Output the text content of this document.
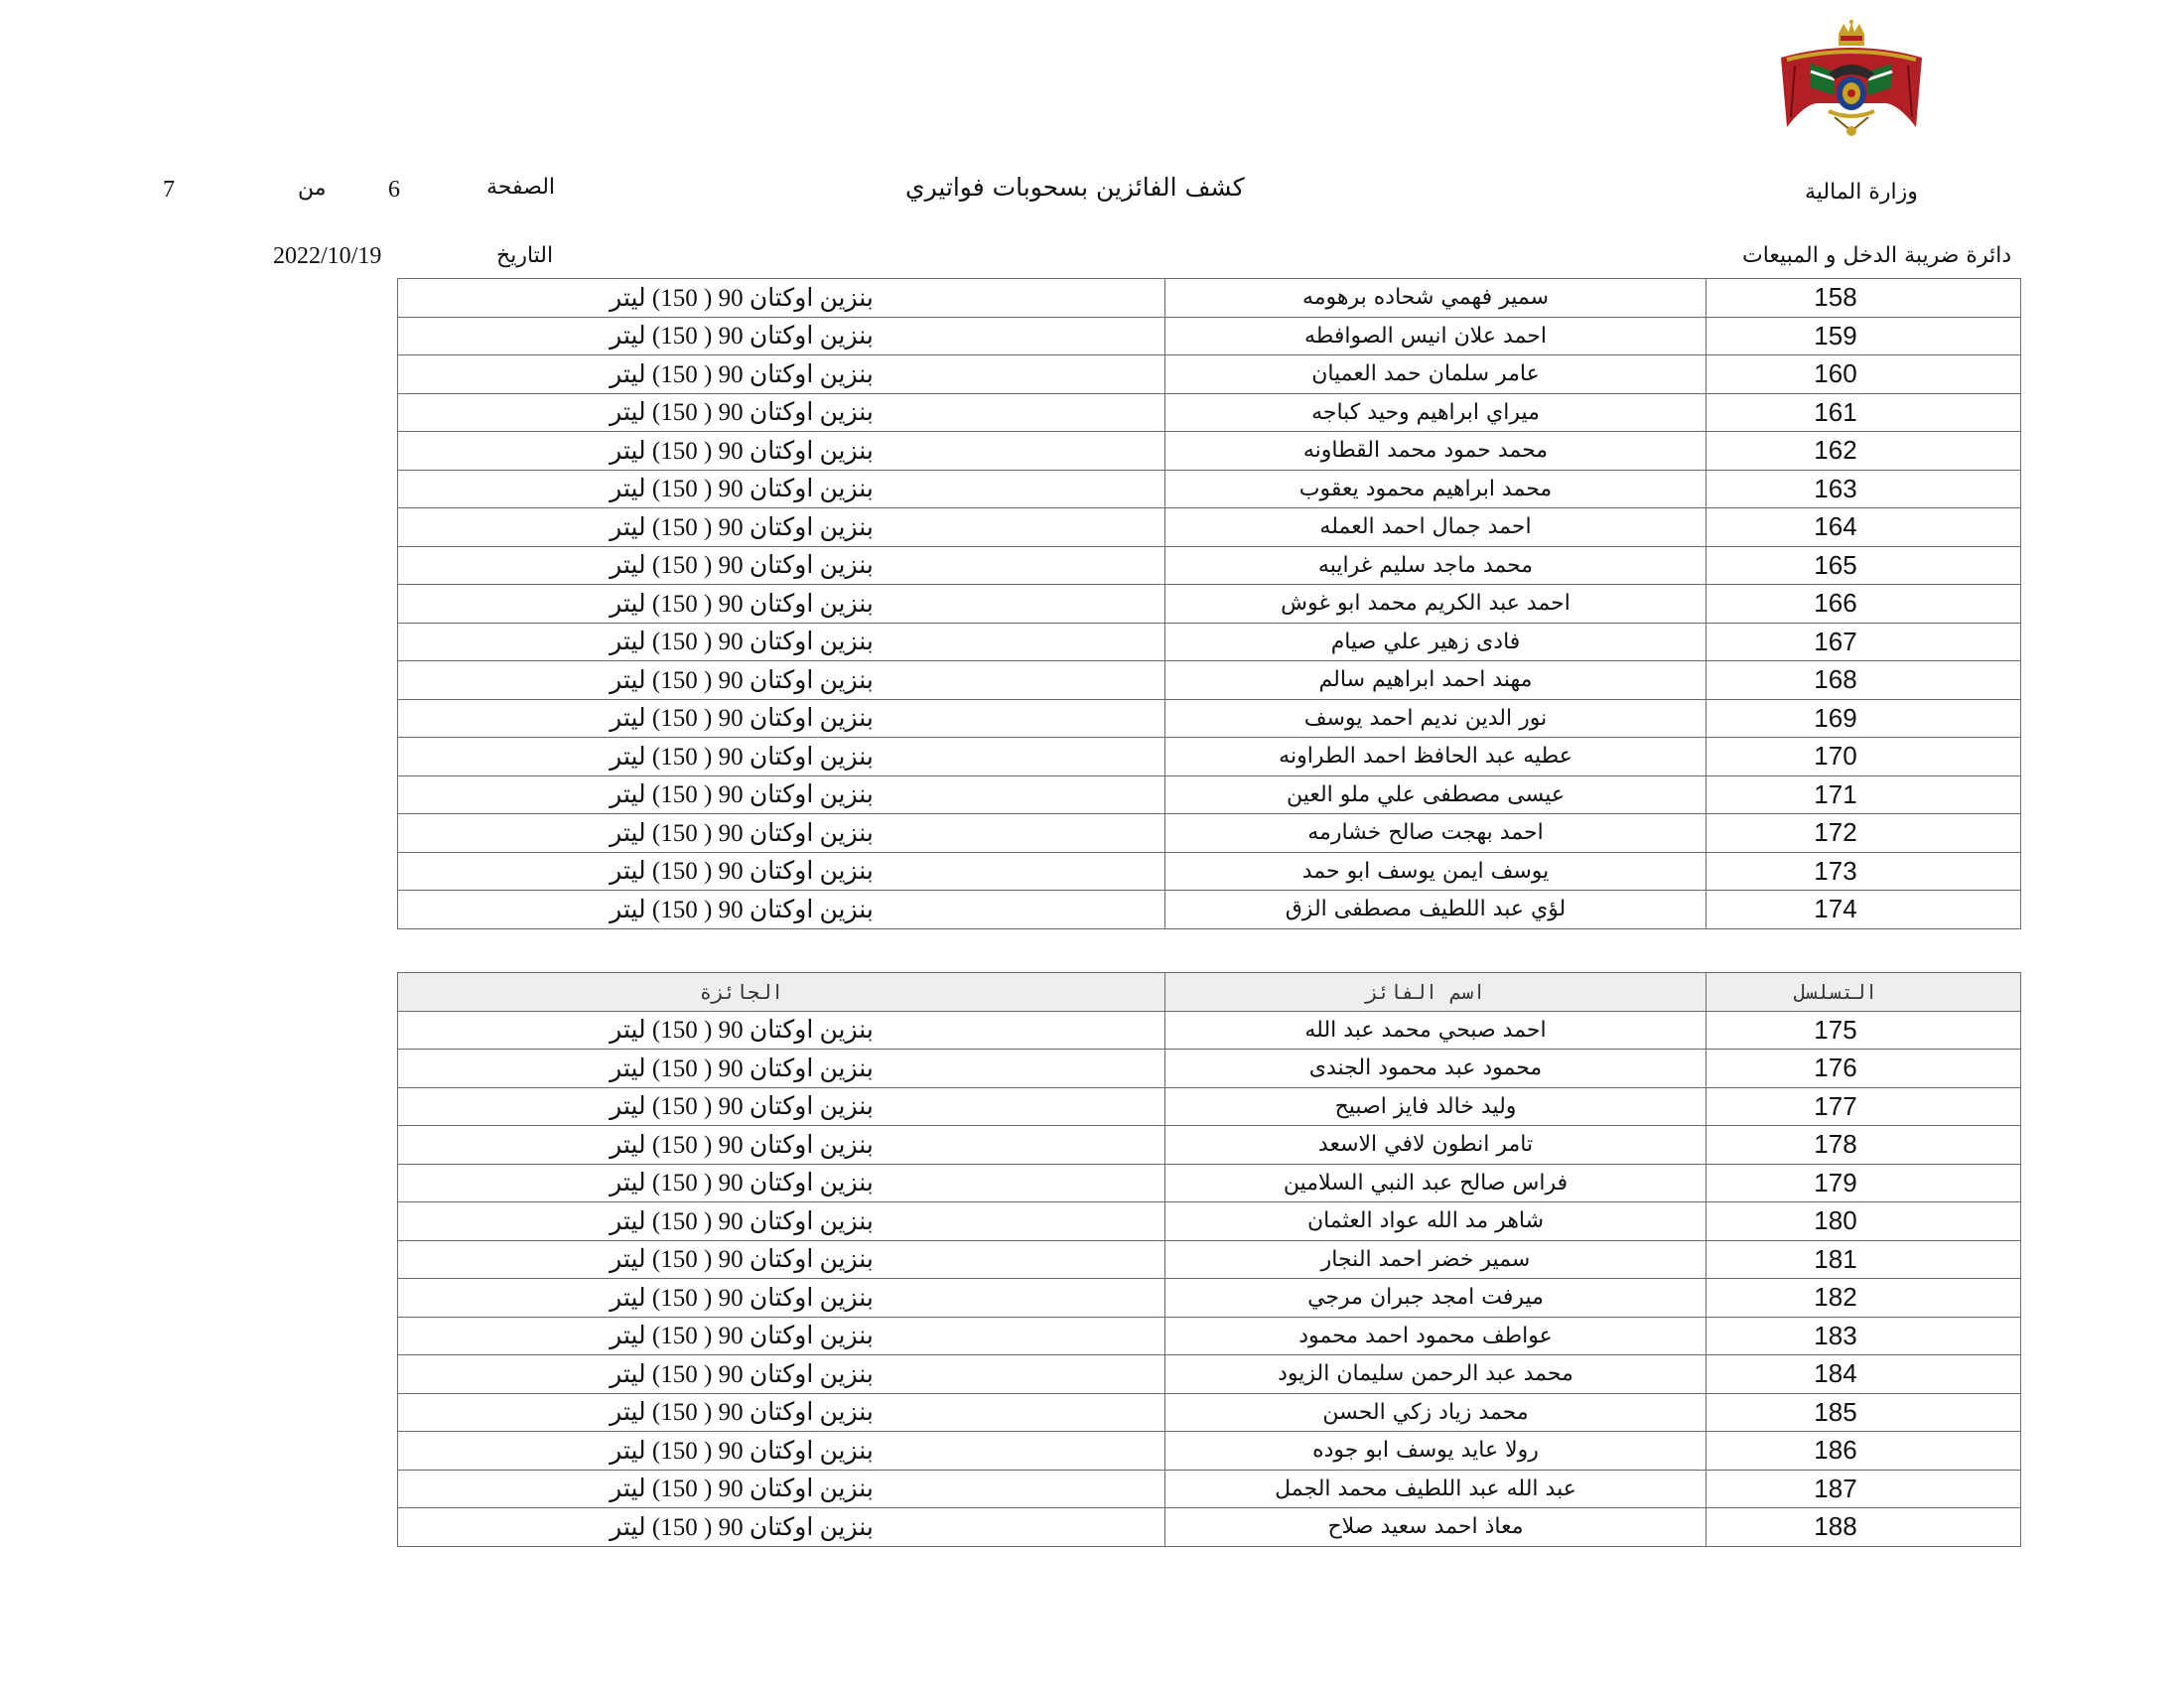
وزارة المالية
دائرة ضريبة الدخل و المبيعات
كشف الفائزين بسحوبات فواتيري
الصفحة
6
من
7
التاريخ
2022/10/19
بنزين اوكتان 90 ( 150) ليتر	سمير فهمي شحاده برهومه	158
بنزين اوكتان 90 ( 150) ليتر	احمد علان انيس الصوافطه	159
بنزين اوكتان 90 ( 150) ليتر	عامر سلمان حمد العميان	160
بنزين اوكتان 90 ( 150) ليتر	ميراي ابراهيم وحيد كباجه	161
بنزين اوكتان 90 ( 150) ليتر	محمد حمود محمد القطاونه	162
بنزين اوكتان 90 ( 150) ليتر	محمد ابراهيم محمود يعقوب	163
بنزين اوكتان 90 ( 150) ليتر	احمد جمال احمد العمله	164
بنزين اوكتان 90 ( 150) ليتر	محمد ماجد سليم غرايبه	165
بنزين اوكتان 90 ( 150) ليتر	احمد عبد الكريم محمد ابو غوش	166
بنزين اوكتان 90 ( 150) ليتر	فادى زهير علي صيام	167
بنزين اوكتان 90 ( 150) ليتر	مهند احمد ابراهيم سالم	168
بنزين اوكتان 90 ( 150) ليتر	نور الدين نديم احمد يوسف	169
بنزين اوكتان 90 ( 150) ليتر	عطيه عبد الحافظ احمد الطراونه	170
بنزين اوكتان 90 ( 150) ليتر	عيسى مصطفى علي ملو العين	171
بنزين اوكتان 90 ( 150) ليتر	احمد بهجت صالح خشارمه	172
بنزين اوكتان 90 ( 150) ليتر	يوسف ايمن يوسف ابو حمد	173
بنزين اوكتان 90 ( 150) ليتر	لؤي عبد اللطيف مصطفى الزق	174
الجائزة	اسم الفائز	التسلسل
بنزين اوكتان 90 ( 150) ليتر	احمد صبحي محمد عبد الله	175
بنزين اوكتان 90 ( 150) ليتر	محمود عبد محمود الجندى	176
بنزين اوكتان 90 ( 150) ليتر	وليد خالد فايز اصبيح	177
بنزين اوكتان 90 ( 150) ليتر	تامر انطون لافي الاسعد	178
بنزين اوكتان 90 ( 150) ليتر	فراس صالح عبد النبي السلامين	179
بنزين اوكتان 90 ( 150) ليتر	شاهر مد الله عواد العثمان	180
بنزين اوكتان 90 ( 150) ليتر	سمير خضر احمد النجار	181
بنزين اوكتان 90 ( 150) ليتر	ميرفت امجد جبران مرجي	182
بنزين اوكتان 90 ( 150) ليتر	عواطف محمود احمد محمود	183
بنزين اوكتان 90 ( 150) ليتر	محمد عبد الرحمن سليمان الزيود	184
بنزين اوكتان 90 ( 150) ليتر	محمد زياد زكي الحسن	185
بنزين اوكتان 90 ( 150) ليتر	رولا عايد يوسف ابو جوده	186
بنزين اوكتان 90 ( 150) ليتر	عبد الله عبد اللطيف محمد الجمل	187
بنزين اوكتان 90 ( 150) ليتر	معاذ احمد سعيد صلاح	188
